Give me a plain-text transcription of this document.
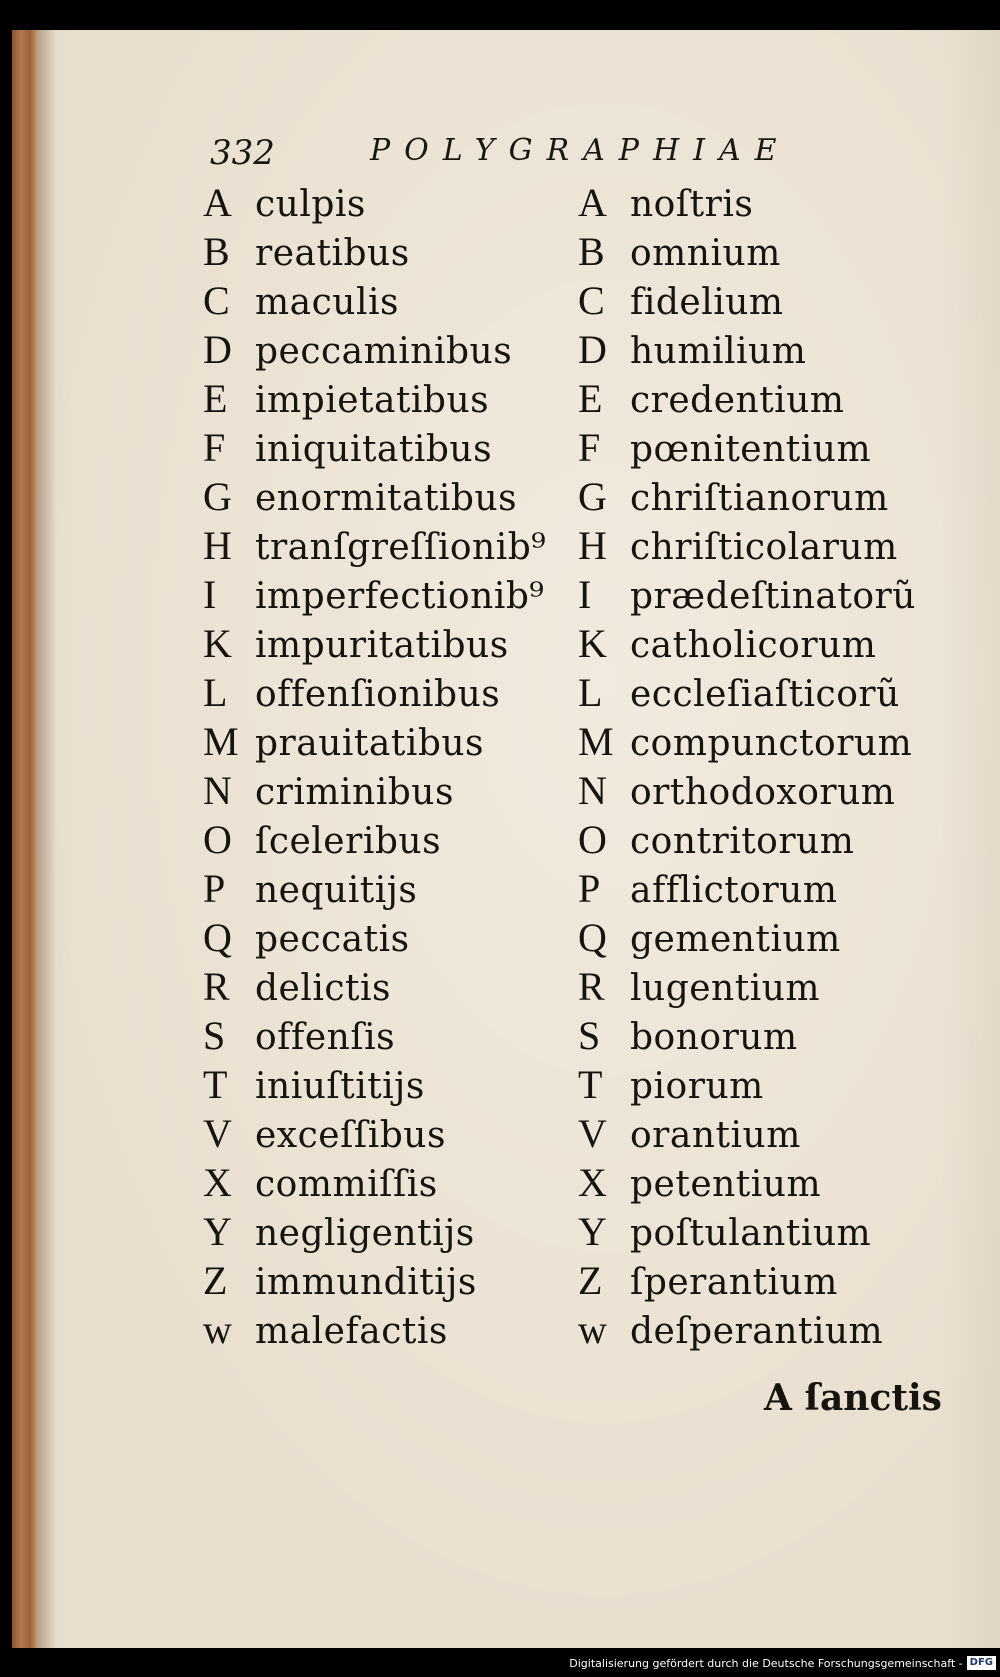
332	POLYGRAPHIAE
A culpis
B reatibus
C maculis
D peccaminibus
E impietatibus
F iniquitatibus
G enormitatibus
H tranſgreſſionib⁹
I imperfectionib⁹
K impuritatibus
L offenſionibus
M prauitatibus
N criminibus
O ſceleribus
P nequitijs
Q peccatis
R delictis
S offenſis
T iniuſtitijs
V exceſſibus
X commiſſis
Y negligentijs
Z immunditijs
w malefactis
A noſtris
B omnium
C fidelium
D humilium
E credentium
F pœnitentium
G chriſtianorum
H chriſticolarum
I prædeſtinatorũ
K catholicorum
L eccleſiaſticorũ
M compunctorum
N orthodoxorum
O contritorum
P afflictorum
Q gementium
R lugentium
S bonorum
T piorum
V orantium
X petentium
Y poſtulantium
Z ſperantium
w deſperantium
A ſanctis
Digitalisierung gefördert durch die Deutsche Forschungsgemeinschaft - DFG
